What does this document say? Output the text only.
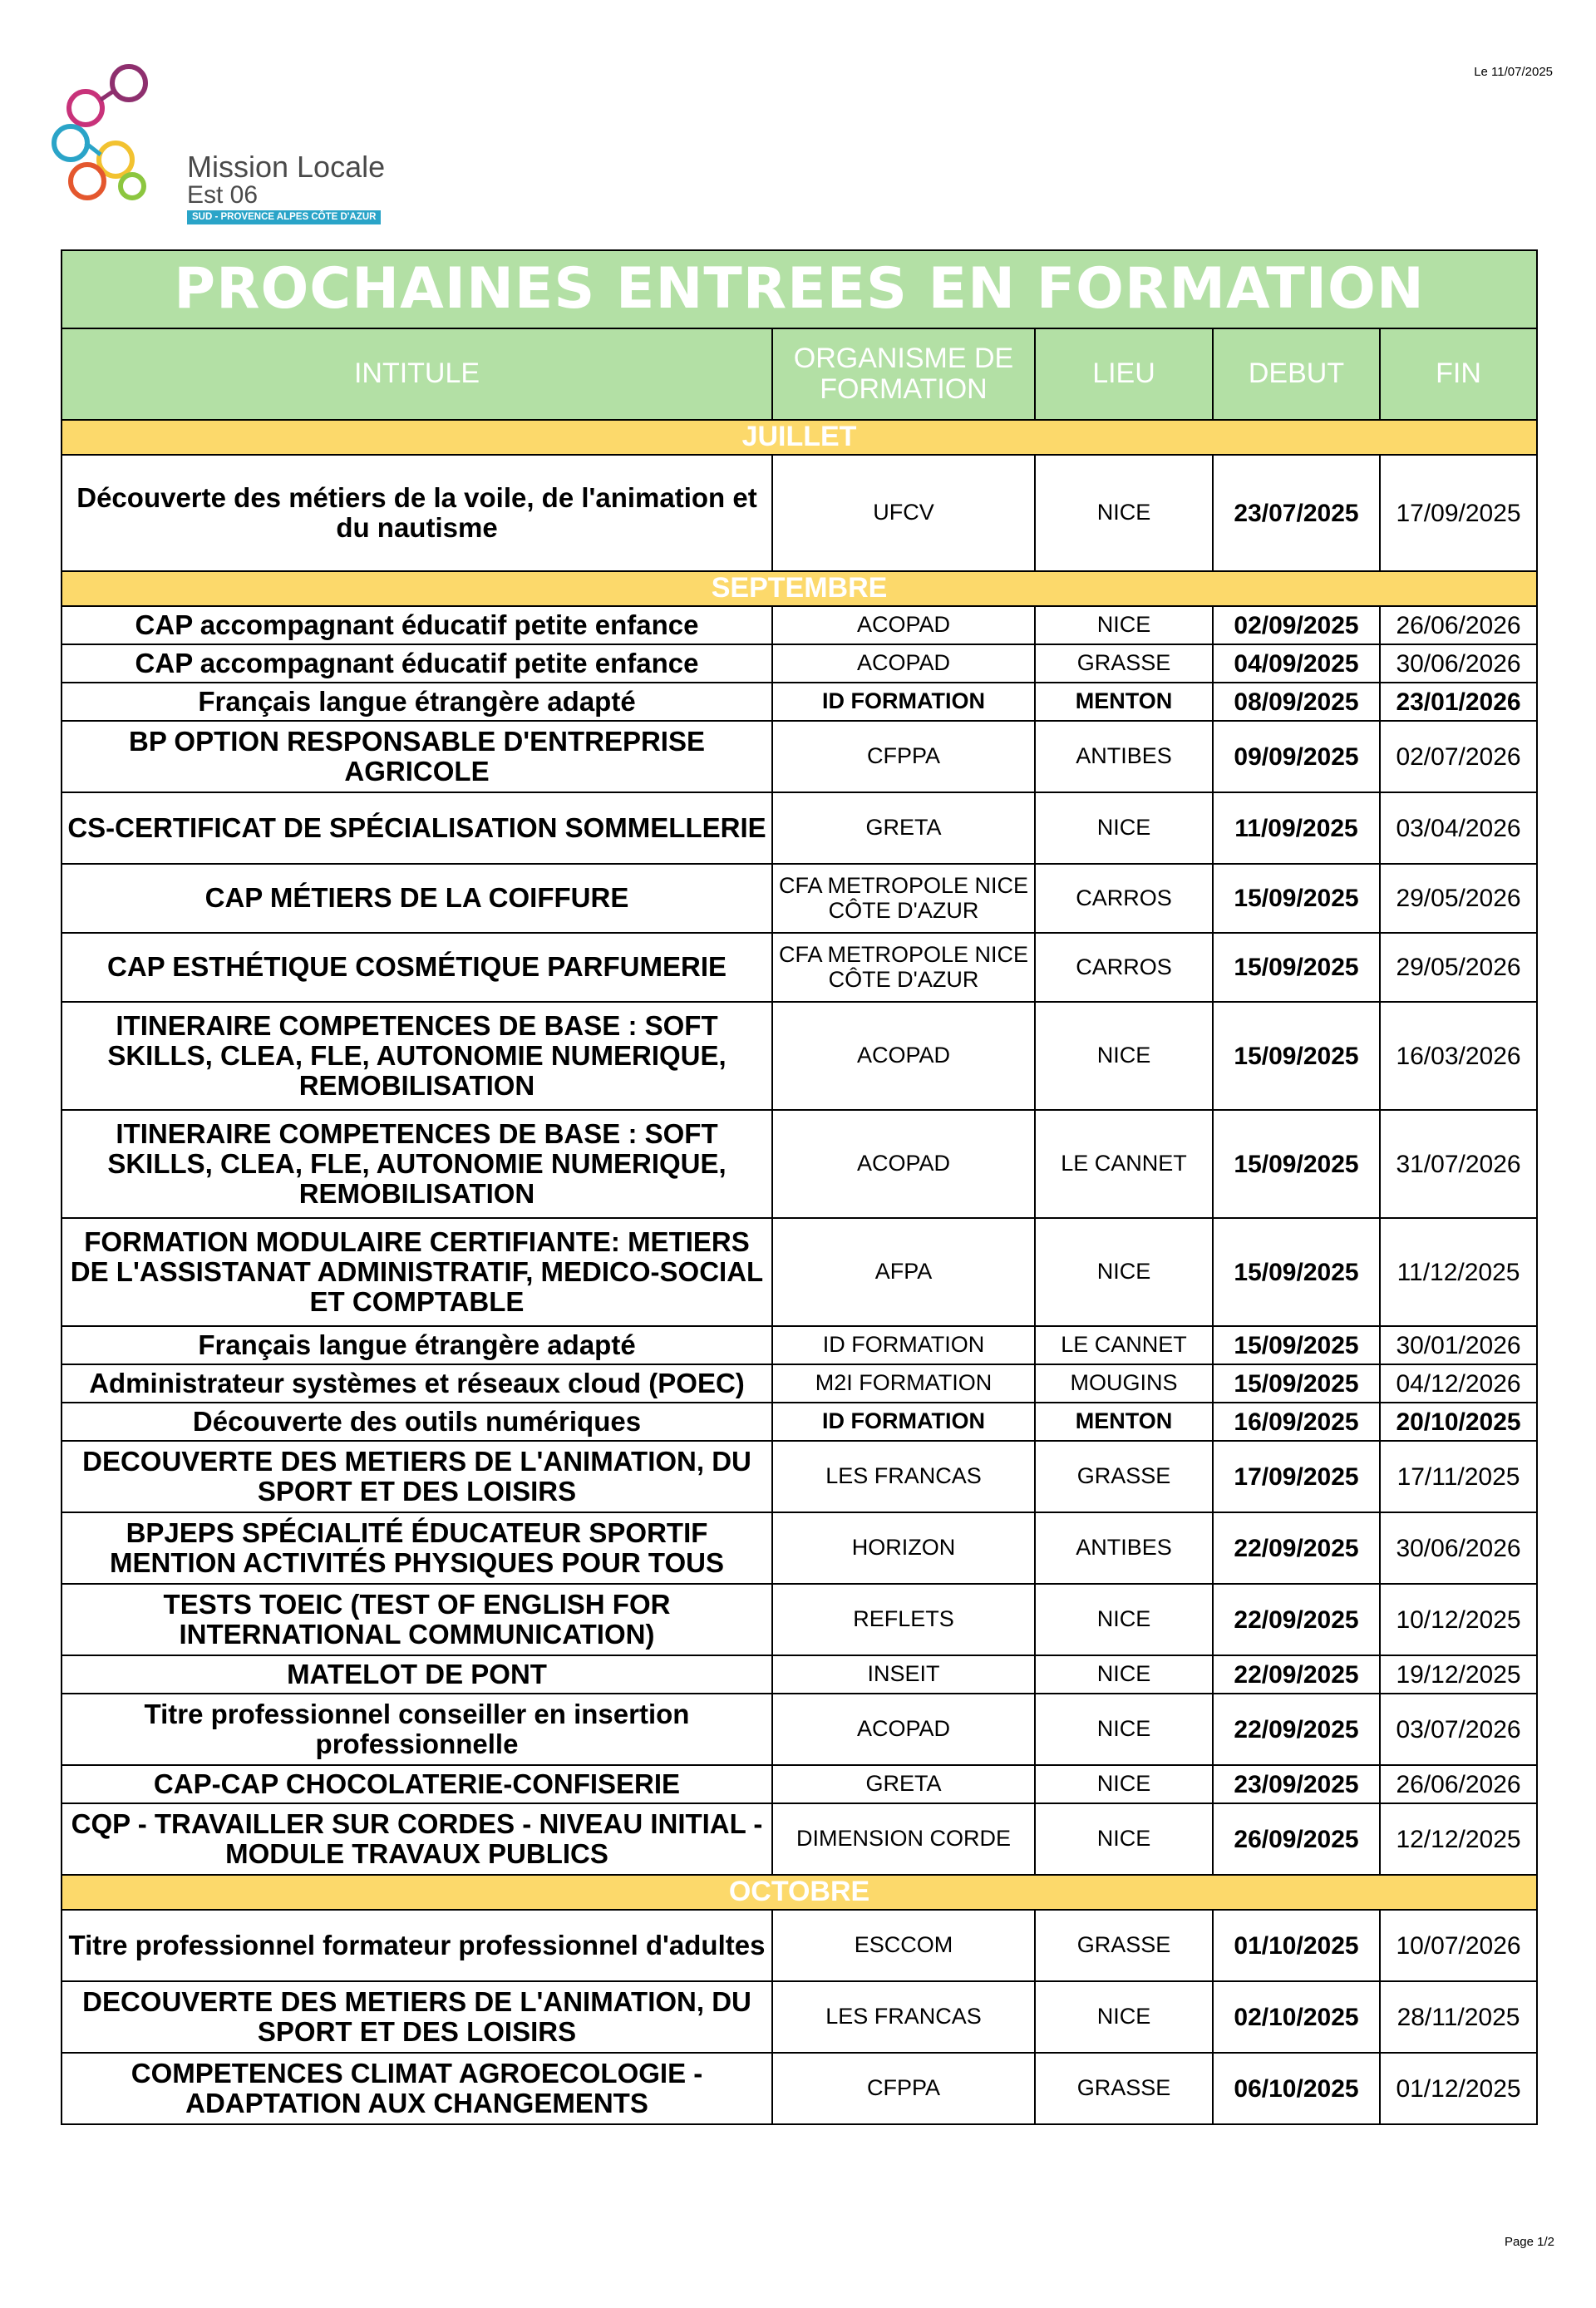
Mission Locale
Est 06
SUD - PROVENCE ALPES CÔTE D'AZUR
Le 11/07/2025
PROCHAINES ENTREES EN FORMATION				
INTITULE	ORGANISME DE FORMATION	LIEU	DEBUT	FIN
JUILLET				
Découverte des métiers de la voile, de l'animation et du nautisme	UFCV	NICE	23/07/2025	17/09/2025
SEPTEMBRE				
CAP accompagnant éducatif petite enfance	ACOPAD	NICE	02/09/2025	26/06/2026
CAP accompagnant éducatif petite enfance	ACOPAD	GRASSE	04/09/2025	30/06/2026
Français langue étrangère adapté	ID FORMATION	MENTON	08/09/2025	23/01/2026
BP OPTION RESPONSABLE D'ENTREPRISE AGRICOLE	CFPPA	ANTIBES	09/09/2025	02/07/2026
CS-CERTIFICAT DE SPÉCIALISATION SOMMELLERIE	GRETA	NICE	11/09/2025	03/04/2026
CAP MÉTIERS DE LA COIFFURE	CFA METROPOLE NICE CÔTE D'AZUR	CARROS	15/09/2025	29/05/2026
CAP ESTHÉTIQUE COSMÉTIQUE PARFUMERIE	CFA METROPOLE NICE CÔTE D'AZUR	CARROS	15/09/2025	29/05/2026
ITINERAIRE COMPETENCES DE BASE : SOFT SKILLS, CLEA, FLE, AUTONOMIE NUMERIQUE, REMOBILISATION	ACOPAD	NICE	15/09/2025	16/03/2026
ITINERAIRE COMPETENCES DE BASE : SOFT SKILLS, CLEA, FLE, AUTONOMIE NUMERIQUE, REMOBILISATION	ACOPAD	LE CANNET	15/09/2025	31/07/2026
FORMATION MODULAIRE CERTIFIANTE: METIERS DE L'ASSISTANAT ADMINISTRATIF, MEDICO-SOCIAL ET COMPTABLE	AFPA	NICE	15/09/2025	11/12/2025
Français langue étrangère adapté	ID FORMATION	LE CANNET	15/09/2025	30/01/2026
Administrateur systèmes et réseaux cloud (POEC)	M2I FORMATION	MOUGINS	15/09/2025	04/12/2026
Découverte des outils numériques	ID FORMATION	MENTON	16/09/2025	20/10/2025
DECOUVERTE DES METIERS DE L'ANIMATION, DU SPORT ET DES LOISIRS	LES FRANCAS	GRASSE	17/09/2025	17/11/2025
BPJEPS SPÉCIALITÉ ÉDUCATEUR SPORTIF MENTION ACTIVITÉS PHYSIQUES POUR TOUS	HORIZON	ANTIBES	22/09/2025	30/06/2026
TESTS TOEIC (TEST OF ENGLISH FOR INTERNATIONAL COMMUNICATION)	REFLETS	NICE	22/09/2025	10/12/2025
MATELOT DE PONT	INSEIT	NICE	22/09/2025	19/12/2025
Titre professionnel conseiller en insertion professionnelle	ACOPAD	NICE	22/09/2025	03/07/2026
CAP-CAP CHOCOLATERIE-CONFISERIE	GRETA	NICE	23/09/2025	26/06/2026
CQP - TRAVAILLER SUR CORDES - NIVEAU INITIAL - MODULE TRAVAUX PUBLICS	DIMENSION CORDE	NICE	26/09/2025	12/12/2025
OCTOBRE				
Titre professionnel formateur professionnel d'adultes	ESCCOM	GRASSE	01/10/2025	10/07/2026
DECOUVERTE DES METIERS DE L'ANIMATION, DU SPORT ET DES LOISIRS	LES FRANCAS	NICE	02/10/2025	28/11/2025
COMPETENCES CLIMAT AGROECOLOGIE - ADAPTATION AUX CHANGEMENTS	CFPPA	GRASSE	06/10/2025	01/12/2025
Page 1/2
